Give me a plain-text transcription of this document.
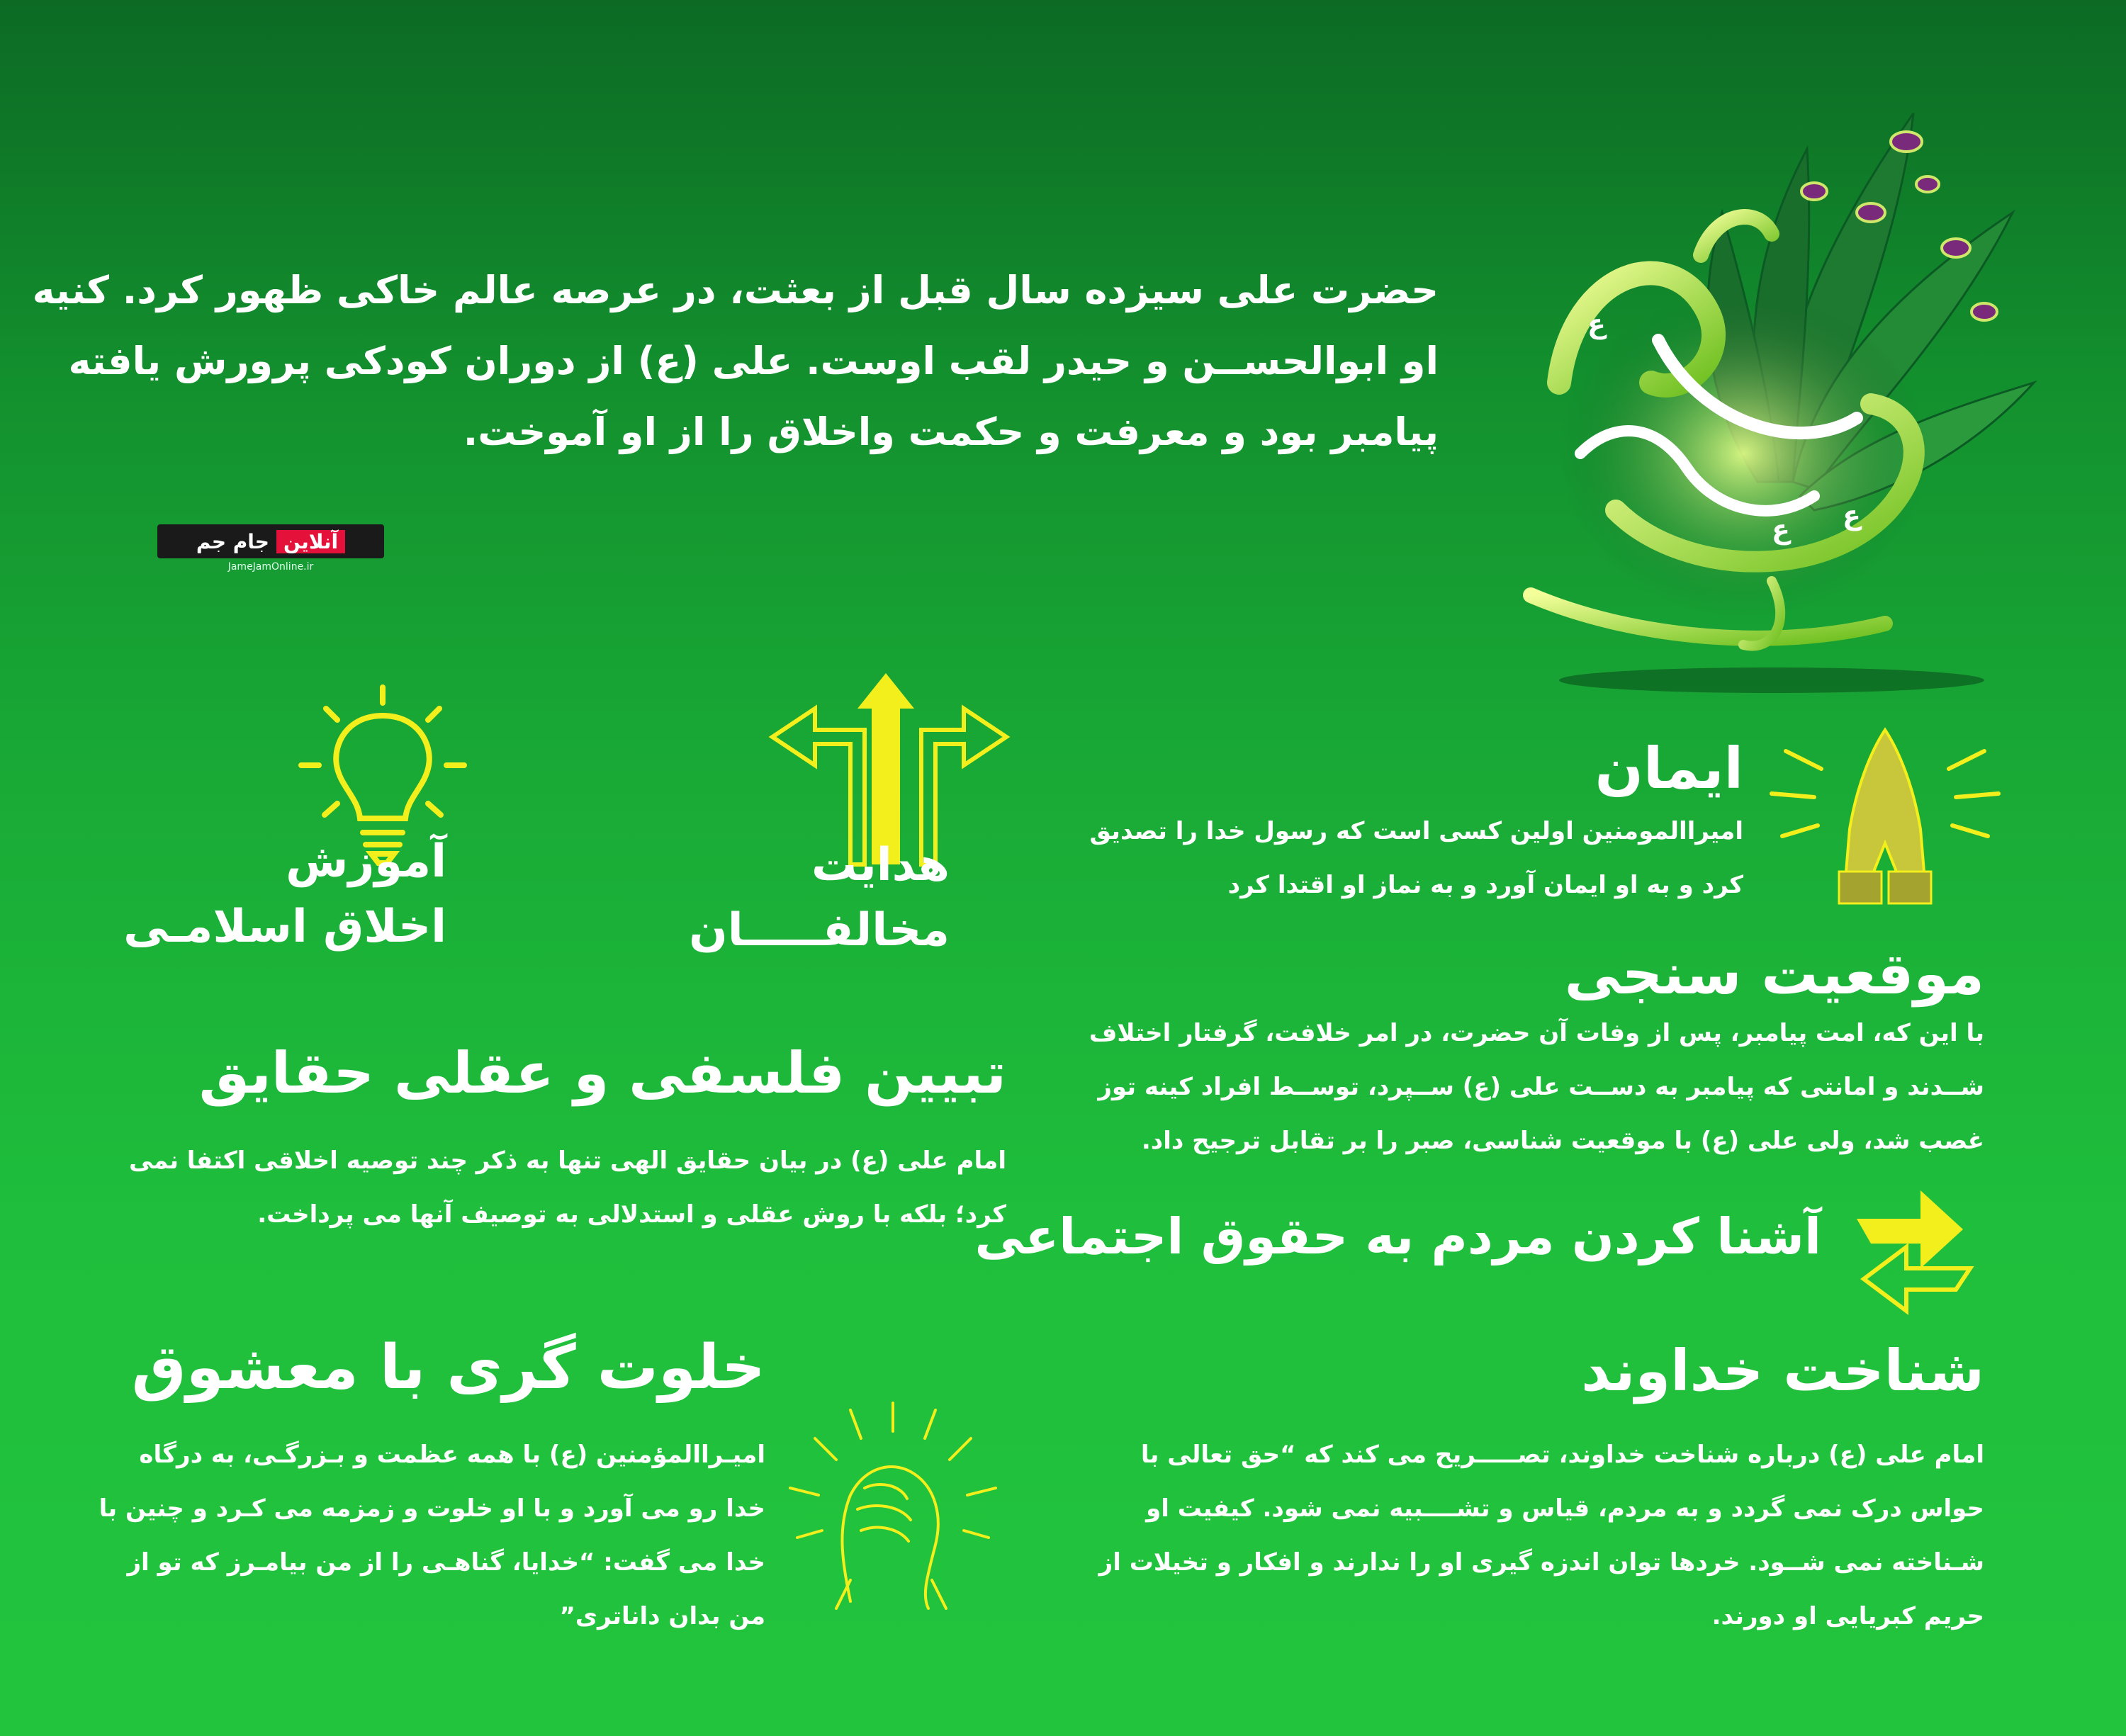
حضرت علی سیزده سال قبل از بعثت، در عرصه عالم خاکی ظهور کرد. کنیه
او ابوالحســن و حیدر لقب اوست. علی (ع) از دوران کودکی پرورش یافته
پیامبر بود و معرفت و حکمت واخلاق را از او آموخت.
جام جم آنلاین
JameJamOnline.ir
ع
ع ع
آموزش
اخلاق اسلامـی
هدایت
مخالفـــــان
ایمان
امیراالمومنین اولین کسی است که رسول خدا را تصدیق
کرد و به او ایمان آورد و به نماز او اقتدا کرد
موقعیت سنجی
با این که، امت پیامبر، پس از وفات آن حضرت، در امر خلافت، گرفتار اختلاف
شــدند و امانتی که پیامبر به دســت علی (ع) ســپرد، توســط افراد کینه توز
غصب شد، ولی علی (ع) با موقعیت شناسی، صبر را بر تقابل ترجیح داد.
تبیین فلسفی و عقلی حقایق
امام علی (ع) در بیان حقایق الهی تنها به ذکر چند توصیه اخلاقی اکتفا نمی
کرد؛ بلکه با روش عقلی و استدلالی به توصیف آنها می پرداخت.
آشنا کردن مردم به حقوق اجتماعی
خلوت گری با معشوق
امیـراالمؤمنین (ع) با همه عظمت و بـزرگـی، به درگاه
خدا رو می آورد و با او خلوت و زمزمه می کـرد و چنین با
خدا می گفت: “خدایا، گناهـی را از من بیامـرز که تو از
من بدان داناتری”
شناخت خداوند
امام علی (ع) درباره شناخت خداوند، تصـــــریح می کند که “حق تعالی با
حواس درک نمی گردد و به مردم، قیاس و تشــــبیه نمی شود. کیفیت او
شـناخته نمی شــود. خردها توان اندزه گیری او را ندارند و افکار و تخیلات از
حریم کبریایی او دورند.
